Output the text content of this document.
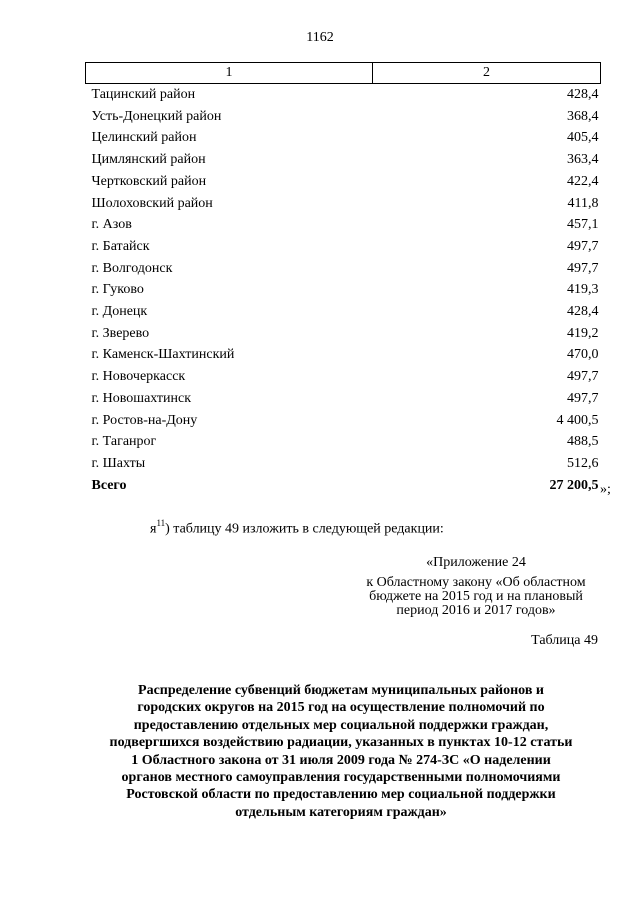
1162
1	2
Тацинский район	428,4
Усть-Донецкий район	368,4
Целинский район	405,4
Цимлянский район	363,4
Чертковский район	422,4
Шолоховский район	411,8
г. Азов	457,1
г. Батайск	497,7
г. Волгодонск	497,7
г. Гуково	419,3
г. Донецк	428,4
г. Зверево	419,2
г. Каменск-Шахтинский	470,0
г. Новочеркасск	497,7
г. Новошахтинск	497,7
г. Ростов-на-Дону	4 400,5
г. Таганрог	488,5
г. Шахты	512,6
Всего	27 200,5 »;
$я^{11}$) таблицу 49 изложить в следующей редакции:
«Приложение 24
к Областному закону «Об областном
бюджете на 2015 год и на плановый
период 2016 и 2017 годов»
Таблица 49
Распределение субвенций бюджетам муниципальных районов и
городских округов на 2015 год на осуществление полномочий по
предоставлению отдельных мер социальной поддержки граждан,
подвергшихся воздействию радиации, указанных в пунктах 10-12 статьи
1 Областного закона от 31 июля 2009 года № 274-ЗС «О наделении
органов местного самоуправления государственными полномочиями
Ростовской области по предоставлению мер социальной поддержки
отдельным категориям граждан»
